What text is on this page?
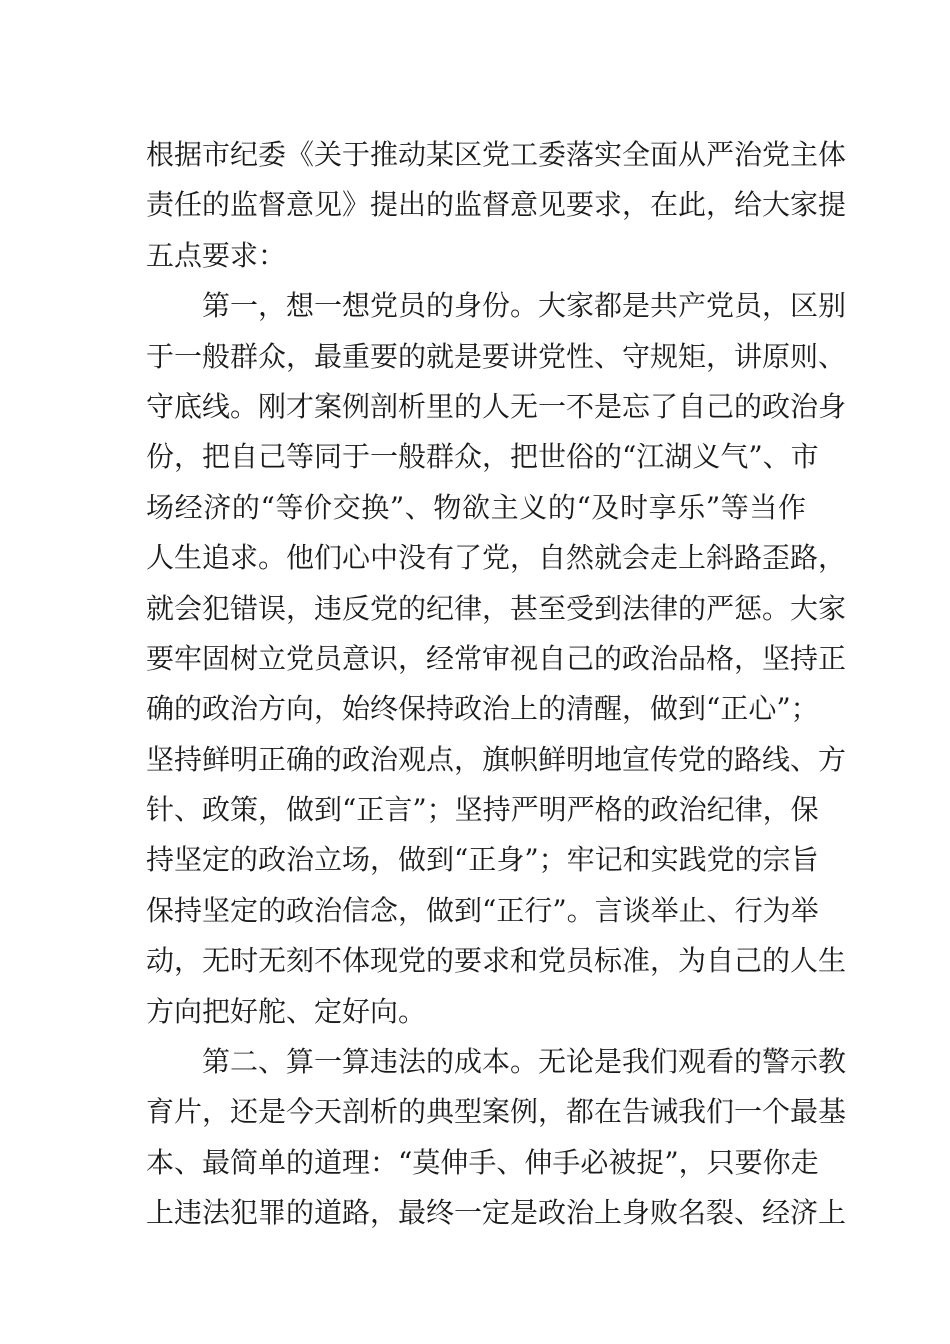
根据市纪委《关于推动某区党工委落实全面从严治党主体
责任的监督意见》提出的监督意见要求，在此，给大家提
五点要求：
第一，想一想党员的身份。大家都是共产党员，区别
于一般群众，最重要的就是要讲党性、守规矩，讲原则、
守底线。刚才案例剖析里的人无一不是忘了自己的政治身
份，把自己等同于一般群众，把世俗的“江湖义气”、市
场经济的“等价交换”、物欲主义的“及时享乐”等当作
人生追求。他们心中没有了党，自然就会走上斜路歪路，
就会犯错误，违反党的纪律，甚至受到法律的严惩。大家
要牢固树立党员意识，经常审视自己的政治品格，坚持正
确的政治方向，始终保持政治上的清醒，做到“正心”；
坚持鲜明正确的政治观点，旗帜鲜明地宣传党的路线、方
针、政策，做到“正言”；坚持严明严格的政治纪律，保
持坚定的政治立场，做到“正身”；牢记和实践党的宗旨
保持坚定的政治信念，做到“正行”。言谈举止、行为举
动，无时无刻不体现党的要求和党员标准，为自己的人生
方向把好舵、定好向。
第二、算一算违法的成本。无论是我们观看的警示教
育片，还是今天剖析的典型案例，都在告诫我们一个最基
本、最简单的道理：“莫伸手、伸手必被捉”，只要你走
上违法犯罪的道路，最终一定是政治上身败名裂、经济上
